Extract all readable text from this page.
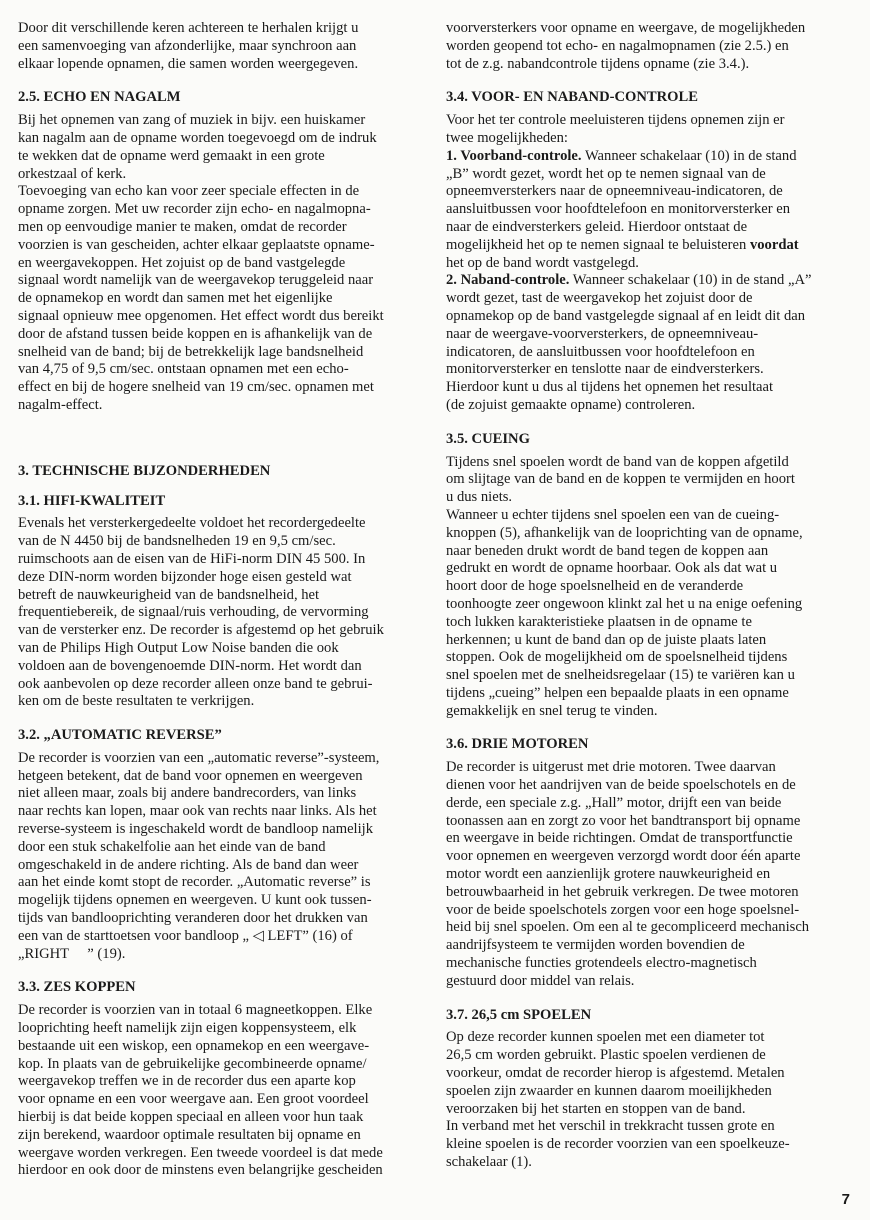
Door dit verschillende keren achtereen te herhalen krijgt u
een samenvoeging van afzonderlijke, maar synchroon aan
elkaar lopende opnamen, die samen worden weergegeven.
2.5. ECHO EN NAGALM
Bij het opnemen van zang of muziek in bijv. een huiskamer
kan nagalm aan de opname worden toegevoegd om de indruk
te wekken dat de opname werd gemaakt in een grote
orkestzaal of kerk.
Toevoeging van echo kan voor zeer speciale effecten in de
opname zorgen. Met uw recorder zijn echo- en nagalmopna-
men op eenvoudige manier te maken, omdat de recorder
voorzien is van gescheiden, achter elkaar geplaatste opname-
en weergavekoppen. Het zojuist op de band vastgelegde
signaal wordt namelijk van de weergavekop teruggeleid naar
de opnamekop en wordt dan samen met het eigenlijke
signaal opnieuw mee opgenomen. Het effect wordt dus bereikt
door de afstand tussen beide koppen en is afhankelijk van de
snelheid van de band; bij de betrekkelijk lage bandsnelheid
van 4,75 of 9,5 cm/sec. ontstaan opnamen met een echo-
effect en bij de hogere snelheid van 19 cm/sec. opnamen met
nagalm-effect.
3. TECHNISCHE BIJZONDERHEDEN
3.1. HIFI-KWALITEIT
Evenals het versterkergedeelte voldoet het recordergedeelte
van de N 4450 bij de bandsnelheden 19 en 9,5 cm/sec.
ruimschoots aan de eisen van de HiFi-norm DIN 45 500. In
deze DIN-norm worden bijzonder hoge eisen gesteld wat
betreft de nauwkeurigheid van de bandsnelheid, het
frequentiebereik, de signaal/ruis verhouding, de vervorming
van de versterker enz. De recorder is afgestemd op het gebruik
van de Philips High Output Low Noise banden die ook
voldoen aan de bovengenoemde DIN-norm. Het wordt dan
ook aanbevolen op deze recorder alleen onze band te gebrui-
ken om de beste resultaten te verkrijgen.
3.2. „AUTOMATIC REVERSE”
De recorder is voorzien van een „automatic reverse”-systeem,
hetgeen betekent, dat de band voor opnemen en weergeven
niet alleen maar, zoals bij andere bandrecorders, van links
naar rechts kan lopen, maar ook van rechts naar links. Als het
reverse-systeem is ingeschakeld wordt de bandloop namelijk
door een stuk schakelfolie aan het einde van de band
omgeschakeld in de andere richting. Als de band dan weer
aan het einde komt stopt de recorder. „Automatic reverse” is
mogelijk tijdens opnemen en weergeven. U kunt ook tussen-
tijds van bandlooprichting veranderen door het drukken van
een van de starttoetsen voor bandloop „ ◁ LEFT” (16) of
„RIGHT     ” (19).
3.3. ZES KOPPEN
De recorder is voorzien van in totaal 6 magneetkoppen. Elke
looprichting heeft namelijk zijn eigen koppensysteem, elk
bestaande uit een wiskop, een opnamekop en een weergave-
kop. In plaats van de gebruikelijke gecombineerde opname/
weergavekop treffen we in de recorder dus een aparte kop
voor opname en een voor weergave aan. Een groot voordeel
hierbij is dat beide koppen speciaal en alleen voor hun taak
zijn berekend, waardoor optimale resultaten bij opname en
weergave worden verkregen. Een tweede voordeel is dat mede
hierdoor en ook door de minstens even belangrijke gescheiden
voorversterkers voor opname en weergave, de mogelijkheden
worden geopend tot echo- en nagalmopnamen (zie 2.5.) en
tot de z.g. nabandcontrole tijdens opname (zie 3.4.).
3.4. VOOR- EN NABAND-CONTROLE
Voor het ter controle meeluisteren tijdens opnemen zijn er
twee mogelijkheden:
1. Voorband-controle. Wanneer schakelaar (10) in de stand
„B” wordt gezet, wordt het op te nemen signaal van de
opneemversterkers naar de opneemniveau-indicatoren, de
aansluitbussen voor hoofdtelefoon en monitorversterker en
naar de eindversterkers geleid. Hierdoor ontstaat de
mogelijkheid het op te nemen signaal te beluisteren voordat
het op de band wordt vastgelegd.
2. Naband-controle. Wanneer schakelaar (10) in de stand „A”
wordt gezet, tast de weergavekop het zojuist door de
opnamekop op de band vastgelegde signaal af en leidt dit dan
naar de weergave-voorversterkers, de opneemniveau-
indicatoren, de aansluitbussen voor hoofdtelefoon en
monitorversterker en tenslotte naar de eindversterkers.
Hierdoor kunt u dus al tijdens het opnemen het resultaat
(de zojuist gemaakte opname) controleren.
3.5. CUEING
Tijdens snel spoelen wordt de band van de koppen afgetild
om slijtage van de band en de koppen te vermijden en hoort
u dus niets.
Wanneer u echter tijdens snel spoelen een van de cueing-
knoppen (5), afhankelijk van de looprichting van de opname,
naar beneden drukt wordt de band tegen de koppen aan
gedrukt en wordt de opname hoorbaar. Ook als dat wat u
hoort door de hoge spoelsnelheid en de veranderde
toonhoogte zeer ongewoon klinkt zal het u na enige oefening
toch lukken karakteristieke plaatsen in de opname te
herkennen; u kunt de band dan op de juiste plaats laten
stoppen. Ook de mogelijkheid om de spoelsnelheid tijdens
snel spoelen met de snelheidsregelaar (15) te variëren kan u
tijdens „cueing” helpen een bepaalde plaats in een opname
gemakkelijk en snel terug te vinden.
3.6. DRIE MOTOREN
De recorder is uitgerust met drie motoren. Twee daarvan
dienen voor het aandrijven van de beide spoelschotels en de
derde, een speciale z.g. „Hall” motor, drijft een van beide
toonassen aan en zorgt zo voor het bandtransport bij opname
en weergave in beide richtingen. Omdat de transportfunctie
voor opnemen en weergeven verzorgd wordt door één aparte
motor wordt een aanzienlijk grotere nauwkeurigheid en
betrouwbaarheid in het gebruik verkregen. De twee motoren
voor de beide spoelschotels zorgen voor een hoge spoelsnel-
heid bij snel spoelen. Om een al te gecompliceerd mechanisch
aandrijfsysteem te vermijden worden bovendien de
mechanische functies grotendeels electro-magnetisch
gestuurd door middel van relais.
3.7. 26,5 cm SPOELEN
Op deze recorder kunnen spoelen met een diameter tot
26,5 cm worden gebruikt. Plastic spoelen verdienen de
voorkeur, omdat de recorder hierop is afgestemd. Metalen
spoelen zijn zwaarder en kunnen daarom moeilijkheden
veroorzaken bij het starten en stoppen van de band.
In verband met het verschil in trekkracht tussen grote en
kleine spoelen is de recorder voorzien van een spoelkeuze-
schakelaar (1).
7
